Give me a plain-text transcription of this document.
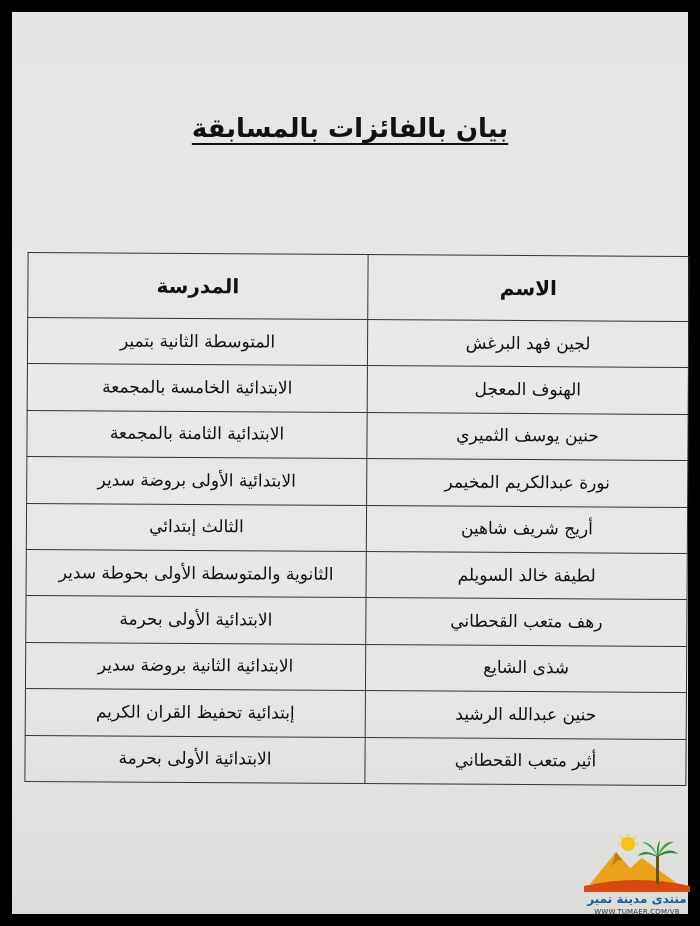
بيان بالفائزات بالمسابقة
الاسم	المدرسة
لجين فهد البرغش	المتوسطة الثانية بتمير
الهنوف المعجل	الابتدائية الخامسة بالمجمعة
حنين يوسف الثميري	الابتدائية الثامنة بالمجمعة
نورة عبدالكريم المخيمر	الابتدائية الأولى بروضة سدير
أريج شريف شاهين	الثالث إبتدائي
لطيفة خالد السويلم	الثانوية والمتوسطة الأولى بحوطة سدير
رهف متعب القحطاني	الابتدائية الأولى بحرمة
شذى الشايع	الابتدائية الثانية بروضة سدير
حنين عبدالله الرشيد	إبتدائية تحفيظ القران الكريم
أثير متعب القحطاني	الابتدائية الأولى بحرمة
منتدى مدينة تمير
WWW.TUMAER.COM/VB
